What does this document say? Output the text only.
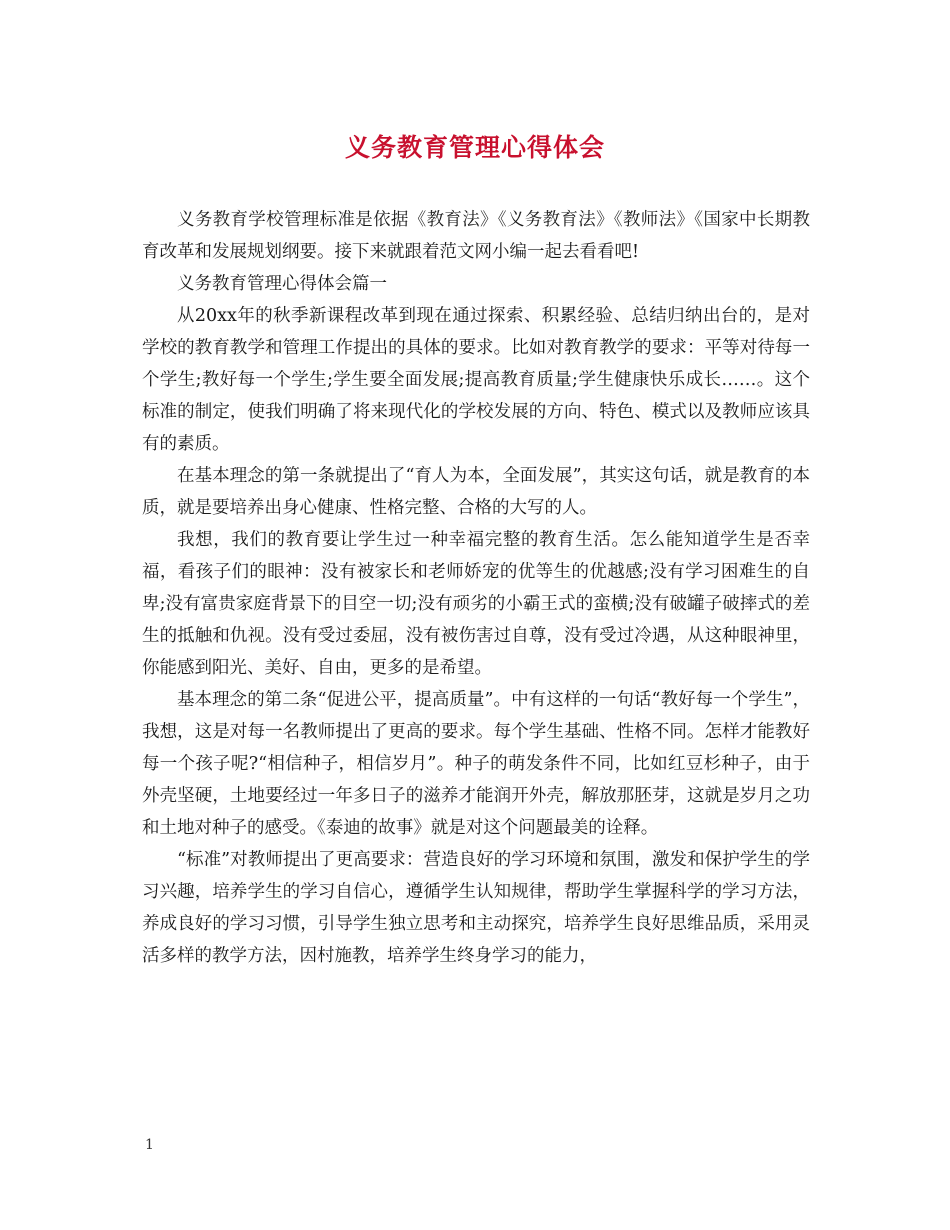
义务教育管理心得体会

义务教育学校管理标准是依据《教育法》《义务教育法》《教师法》《国家中长期教育改革和发展规划纲要。接下来就跟着范文网小编一起去看看吧!

义务教育管理心得体会篇一

从20xx年的秋季新课程改革到现在通过探索、积累经验、总结归纳出台的，是对学校的教育教学和管理工作提出的具体的要求。比如对教育教学的要求：平等对待每一个学生;教好每一个学生;学生要全面发展;提高教育质量;学生健康快乐成长……。这个标准的制定，使我们明确了将来现代化的学校发展的方向、特色、模式以及教师应该具有的素质。

在基本理念的第一条就提出了“育人为本，全面发展”，其实这句话，就是教育的本质，就是要培养出身心健康、性格完整、合格的大写的人。

我想，我们的教育要让学生过一种幸福完整的教育生活。怎么能知道学生是否幸福，看孩子们的眼神：没有被家长和老师娇宠的优等生的优越感;没有学习困难生的自卑;没有富贵家庭背景下的目空一切;没有顽劣的小霸王式的蛮横;没有破罐子破摔式的差生的抵触和仇视。没有受过委屈，没有被伤害过自尊，没有受过冷遇，从这种眼神里，你能感到阳光、美好、自由，更多的是希望。

基本理念的第二条“促进公平，提高质量”。中有这样的一句话“教好每一个学生”，我想，这是对每一名教师提出了更高的要求。每个学生基础、性格不同。怎样才能教好每一个孩子呢?“相信种子，相信岁月”。种子的萌发条件不同，比如红豆杉种子，由于外壳坚硬，土地要经过一年多日子的滋养才能润开外壳，解放那胚芽，这就是岁月之功和土地对种子的感受。《泰迪的故事》就是对这个问题最美的诠释。

“标准”对教师提出了更高要求：营造良好的学习环境和氛围，激发和保护学生的学习兴趣，培养学生的学习自信心，遵循学生认知规律，帮助学生掌握科学的学习方法，养成良好的学习习惯，引导学生独立思考和主动探究，培养学生良好思维品质，采用灵活多样的教学方法，因村施教，培养学生终身学习的能力，

1
